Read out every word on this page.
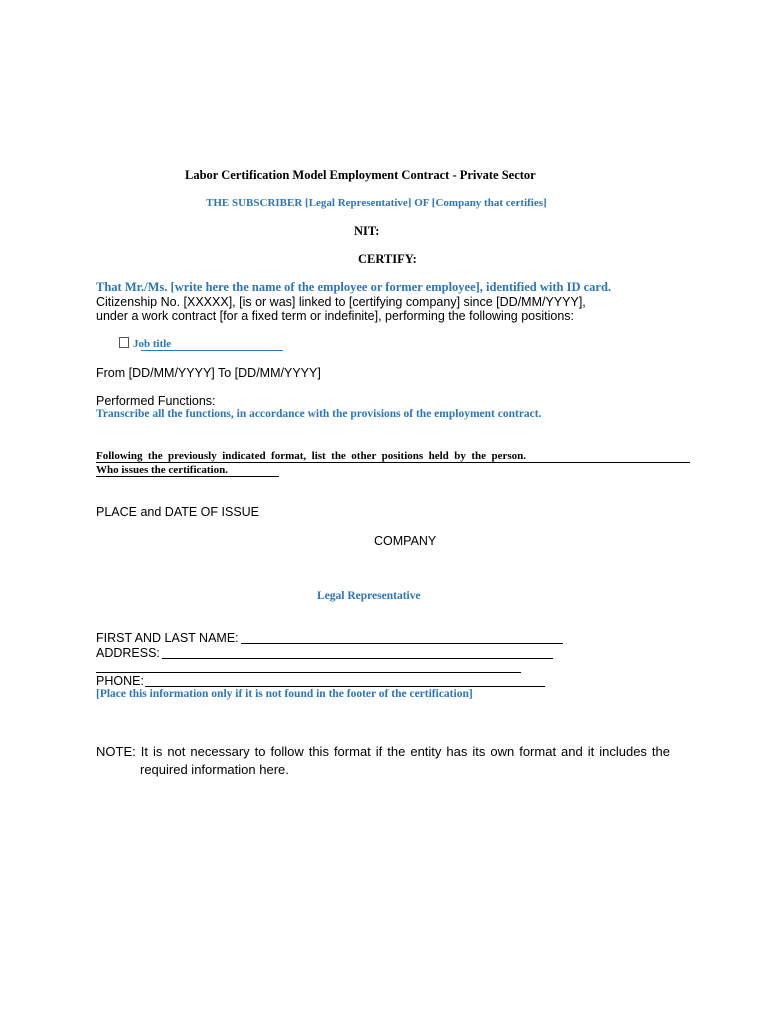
Labor Certification Model Employment Contract - Private Sector
THE SUBSCRIBER [Legal Representative] OF [Company that certifies]
NIT:
CERTIFY:
That Mr./Ms. [write here the name of the employee or former employee], identified with ID card.
Citizenship No. [XXXXX], [is or was] linked to [certifying company] since [DD/MM/YYYY],
under a work contract [for a fixed term or indefinite], performing the following positions:
Job title
From [DD/MM/YYYY] To [DD/MM/YYYY]
Performed Functions:
Transcribe all the functions, in accordance with the provisions of the employment contract.
Following the previously indicated format, list the other positions held by the person.
Who issues the certification.
PLACE and DATE OF ISSUE
COMPANY
Legal Representative
FIRST AND LAST NAME:
ADDRESS:
PHONE:
[Place this information only if it is not found in the footer of the certification]
NOTE: It is not necessary to follow this format if the entity has its own format and it includes the
required information here.
